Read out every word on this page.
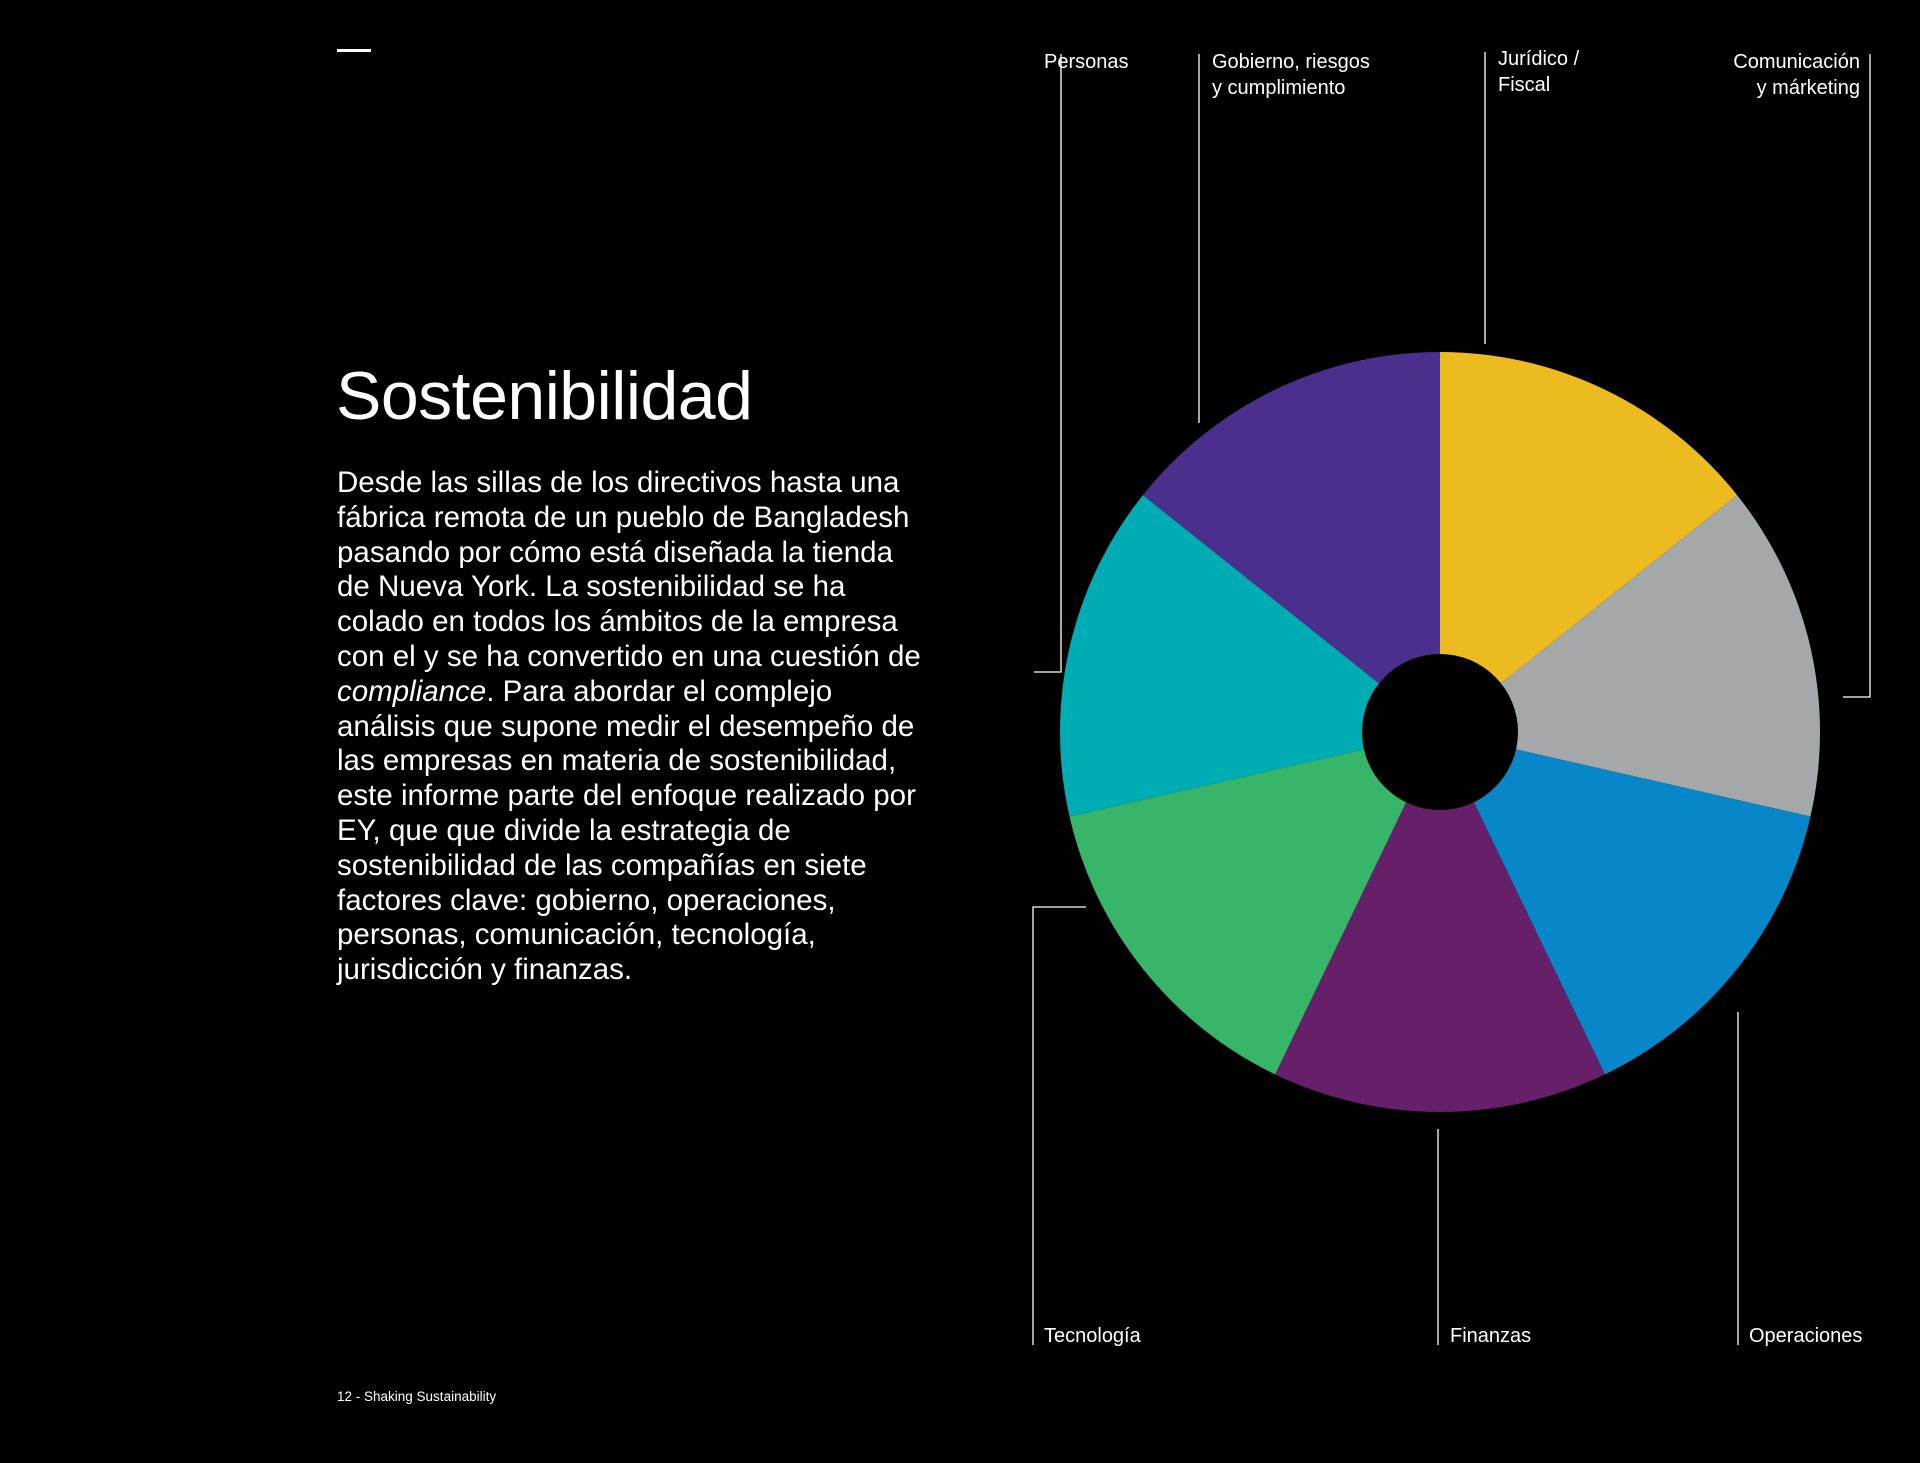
Sostenibilidad

Desde las sillas de los directivos hasta una fábrica remota de un pueblo de Bangladesh pasando por cómo está diseñada la tienda de Nueva York. La sostenibilidad se ha colado en todos los ámbitos de la empresa con el y se ha convertido en una cuestión de compliance. Para abordar el complejo análisis que supone medir el desempeño de las empresas en materia de sostenibilidad, este informe parte del enfoque realizado por EY, que que divide la estrategia de sostenibilidad de las compañías en siete factores clave: gobierno, operaciones, personas, comunicación, tecnología, jurisdicción y finanzas.

12 - Shaking Sustainability
Jurídico /
Fiscal
Comunicación
y márketing
Operaciones
Finanzas
Tecnología
Personas	Gobierno, riesgos
y cumplimiento
